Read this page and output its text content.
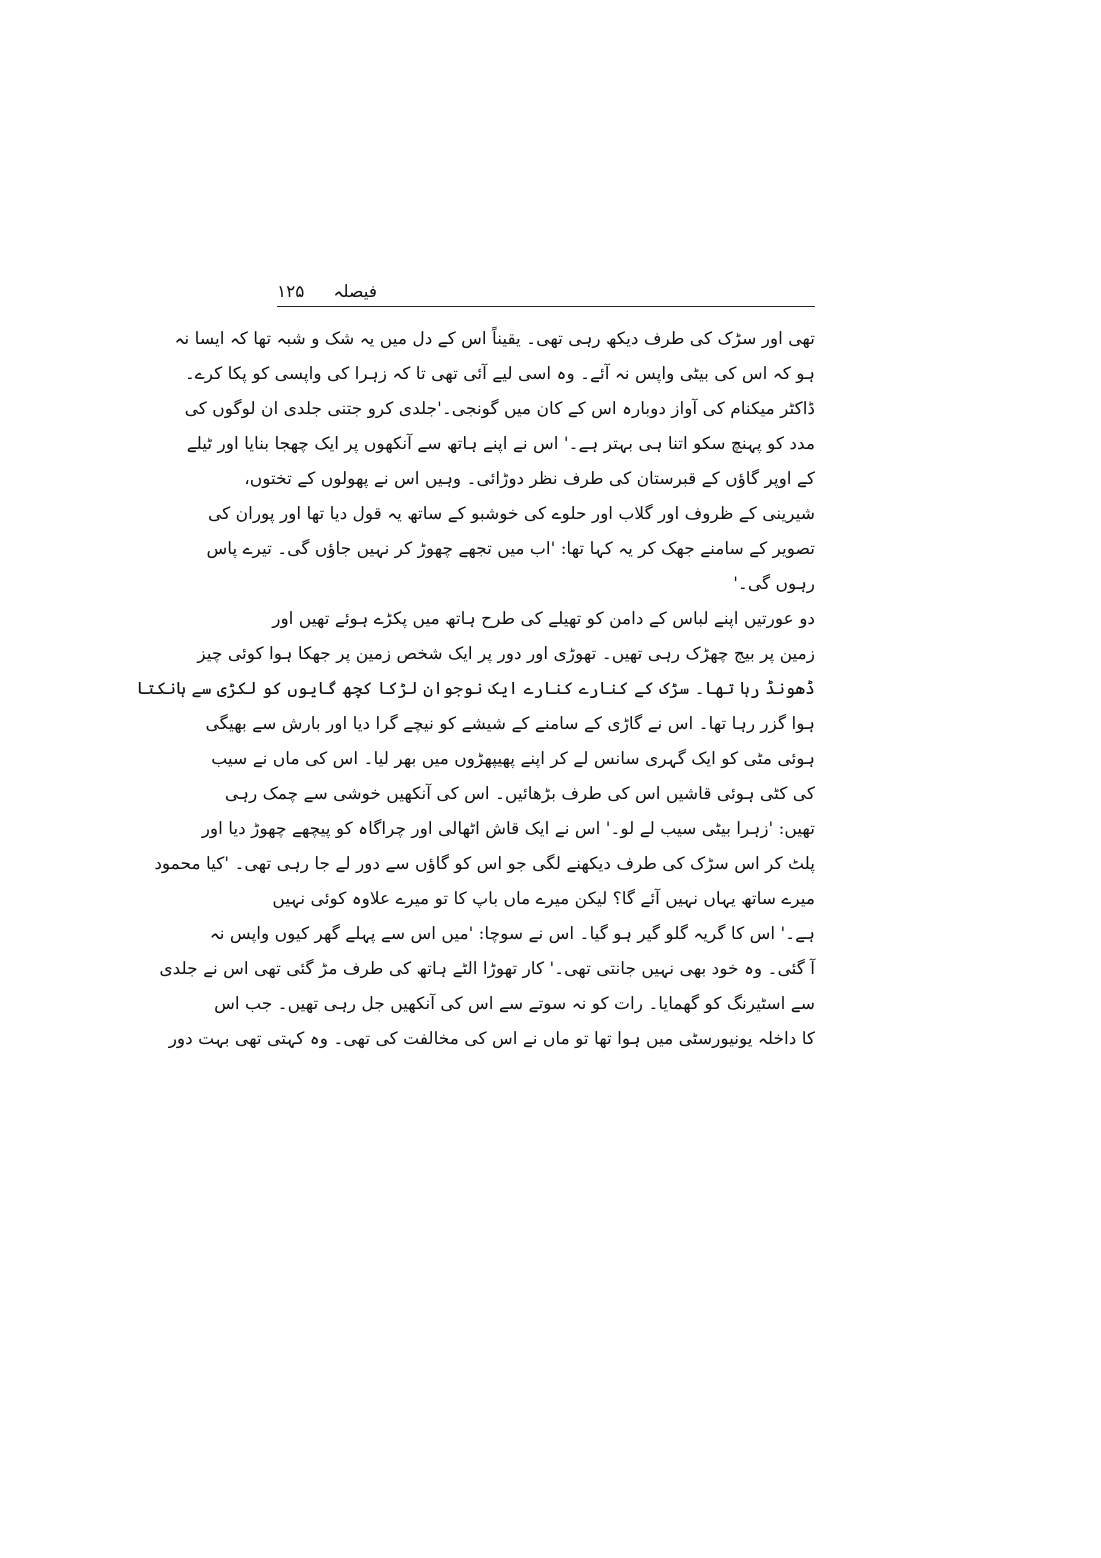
فیصلہ
۱۲۵
تھی اور سڑک کی طرف دیکھ رہی تھی۔ یقیناً اس کے دل میں یہ شک و شبہ تھا کہ ایسا نہ
ہو کہ اس کی بیٹی واپس نہ آئے۔ وہ اسی لیے آئی تھی تا کہ زہرا کی واپسی کو پکا کرے۔
ڈاکٹر میکنام کی آواز دوبارہ اس کے کان میں گونجی۔'جلدی کرو جتنی جلدی ان لوگوں کی
مدد کو پہنچ سکو اتنا ہی بہتر ہے۔' اس نے اپنے ہاتھ سے آنکھوں پر ایک چھجا بنایا اور ٹیلے
کے اوپر گاؤں کے قبرستان کی طرف نظر دوڑائی۔ وہیں اس نے پھولوں کے تختوں،
شیرینی کے ظروف اور گلاب اور حلوے کی خوشبو کے ساتھ یہ قول دیا تھا اور پوران کی
تصویر کے سامنے جھک کر یہ کہا تھا: 'اب میں تجھے چھوڑ کر نہیں جاؤں گی۔ تیرے پاس
رہوں گی۔'
دو عورتیں اپنے لباس کے دامن کو تھیلے کی طرح ہاتھ میں پکڑے ہوئے تھیں اور
زمین پر بیج چھڑک رہی تھیں۔ تھوڑی اور دور پر ایک شخص زمین پر جھکا ہوا کوئی چیز
ڈھونڈ رہا تھا۔ سڑک کے کنارے کنارے ایک نوجوان لڑکا کچھ گایوں کو لکڑی سے ہانکتا
ہوا گزر رہا تھا۔ اس نے گاڑی کے سامنے کے شیشے کو نیچے گرا دیا اور بارش سے بھیگی
ہوئی مٹی کو ایک گہری سانس لے کر اپنے پھیپھڑوں میں بھر لیا۔ اس کی ماں نے سیب
کی کٹی ہوئی قاشیں اس کی طرف بڑھائیں۔ اس کی آنکھیں خوشی سے چمک رہی
تھیں: 'زہرا بیٹی سیب لے لو۔' اس نے ایک قاش اٹھالی اور چراگاہ کو پیچھے چھوڑ دیا اور
پلٹ کر اس سڑک کی طرف دیکھنے لگی جو اس کو گاؤں سے دور لے جا رہی تھی۔ 'کیا محمود
میرے ساتھ یہاں نہیں آئے گا؟ لیکن میرے ماں باپ کا تو میرے علاوہ کوئی نہیں
ہے۔' اس کا گریہ گلو گیر ہو گیا۔ اس نے سوچا: 'میں اس سے پہلے گھر کیوں واپس نہ
آ گئی۔ وہ خود بھی نہیں جانتی تھی۔' کار تھوڑا الٹے ہاتھ کی طرف مڑ گئی تھی اس نے جلدی
سے اسٹیرنگ کو گھمایا۔ رات کو نہ سوتے سے اس کی آنکھیں جل رہی تھیں۔ جب اس
کا داخلہ یونیورسٹی میں ہوا تھا تو ماں نے اس کی مخالفت کی تھی۔ وہ کہتی تھی بہت دور
